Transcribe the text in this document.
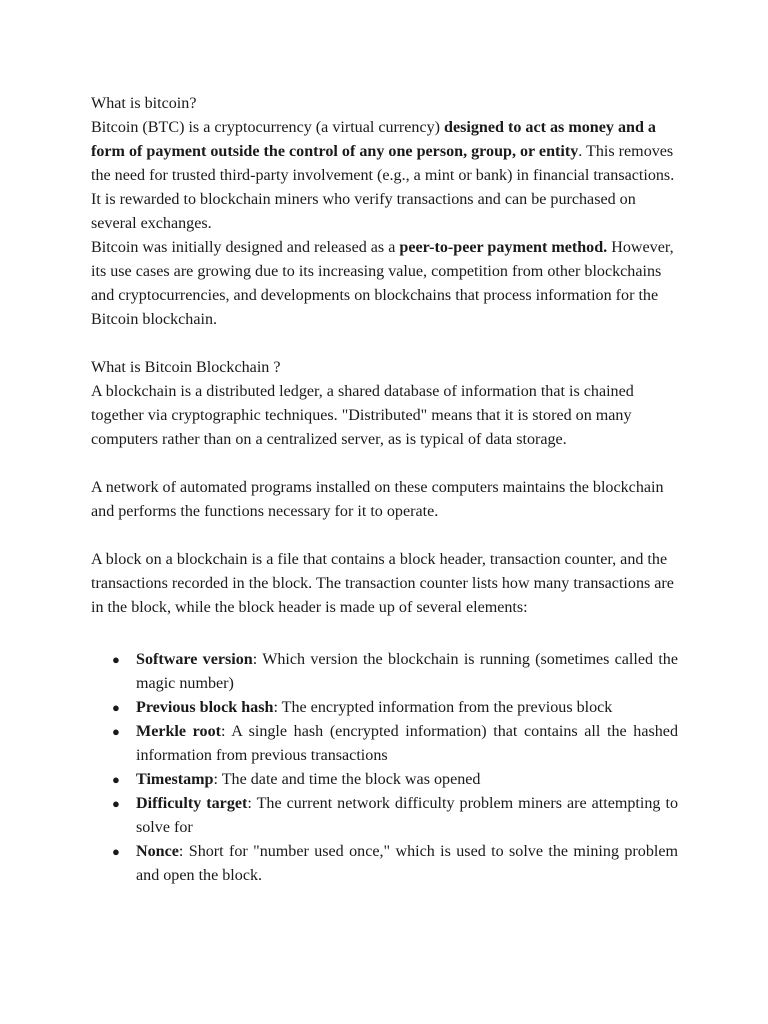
What is bitcoin?

Bitcoin (BTC) is a cryptocurrency (a virtual currency) designed to act as money and a form of payment outside the control of any one person, group, or entity. This removes the need for trusted third-party involvement (e.g., a mint or bank) in financial transactions. It is rewarded to blockchain miners who verify transactions and can be purchased on several exchanges.

Bitcoin was initially designed and released as a peer-to-peer payment method. However, its use cases are growing due to its increasing value, competition from other blockchains and cryptocurrencies, and developments on blockchains that process information for the Bitcoin blockchain.

What is Bitcoin Blockchain ?

A blockchain is a distributed ledger, a shared database of information that is chained together via cryptographic techniques. "Distributed" means that it is stored on many computers rather than on a centralized server, as is typical of data storage.

A network of automated programs installed on these computers maintains the blockchain and performs the functions necessary for it to operate.

A block on a blockchain is a file that contains a block header, transaction counter, and the transactions recorded in the block. The transaction counter lists how many transactions are in the block, while the block header is made up of several elements:

● Software version: Which version the blockchain is running (sometimes called the magic number)
● Previous block hash: The encrypted information from the previous block
● Merkle root: A single hash (encrypted information) that contains all the hashed information from previous transactions
● Timestamp: The date and time the block was opened
● Difficulty target: The current network difficulty problem miners are attempting to solve for
● Nonce: Short for "number used once," which is used to solve the mining problem and open the block.
